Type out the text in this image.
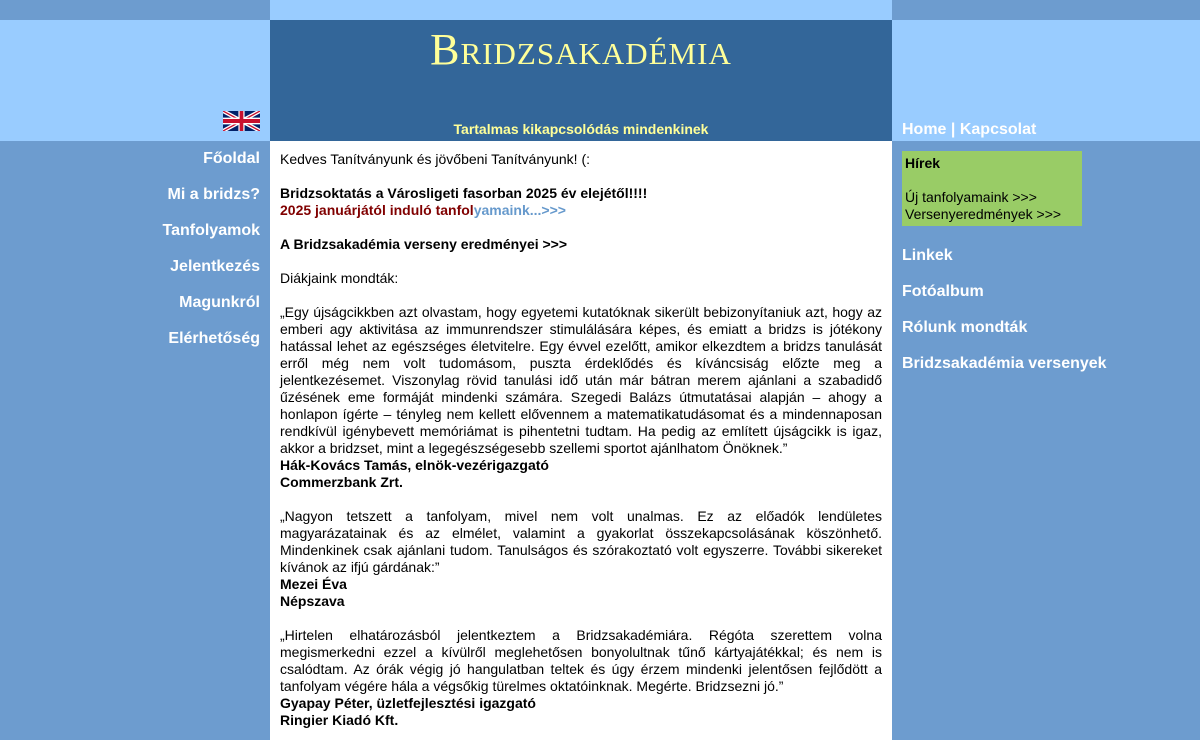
Bridzsakadémia
Tartalmas kikapcsolódás mindenkinek
Főoldal
Mi a bridzs?
Tanfolyamok
Jelentkezés
Magunkról
Elérhetőség

Kedves Tanítványunk és jövőbeni Tanítványunk! (:

Bridzsoktatás a Városligeti fasorban 2025 év elejétől!!!!
2025 januárjától induló tanfolyamaink...>>>

A Bridzsakadémia verseny eredményei >>>

Diákjaink mondták:

„Egy újságcikkben azt olvastam, hogy egyetemi kutatóknak sikerült bebizonyítaniuk azt, hogy az emberi agy aktivitása az immunrendszer stimulálására képes, és emiatt a bridzs is jótékony hatással lehet az egészséges életvitelre. Egy évvel ezelőtt, amikor elkezdtem a bridzs tanulását erről még nem volt tudomásom, puszta érdeklődés és kíváncsiság előzte meg a jelentkezésemet. Viszonylag rövid tanulási idő után már bátran merem ajánlani a szabadidő űzésének eme formáját mindenki számára. Szegedi Balázs útmutatásai alapján – ahogy a honlapon ígérte – tényleg nem kellett elővennem a matematikatudásomat és a mindennaposan rendkívül igénybevett memóriámat is pihentetni tudtam. Ha pedig az említett újságcikk is igaz, akkor a bridzset, mint a legegészségesebb szellemi sportot ajánlhatom Önöknek.”
Hák-Kovács Tamás, elnök-vezérigazgató
Commerzbank Zrt.
„Nagyon tetszett a tanfolyam, mivel nem volt unalmas. Ez az előadók lendületes magyarázatainak és az elmélet, valamint a gyakorlat összekapcsolásának köszönhető. Mindenkinek csak ajánlani tudom. Tanulságos és szórakoztató volt egyszerre. További sikereket kívánok az ifjú gárdának:”
Mezei Éva
Népszava
„Hirtelen elhatározásból jelentkeztem a Bridzsakadémiára. Régóta szerettem volna megismerkedni ezzel a kívülről meglehetősen bonyolultnak tűnő kártyajátékkal; és nem is csalódtam. Az órák végig jó hangulatban teltek és úgy érzem mindenki jelentősen fejlődött a tanfolyam végére hála a végsőkig türelmes oktatóinknak. Megérte. Bridzsezni jó.”
Gyapay Péter, üzletfejlesztési igazgató
Ringier Kiadó Kft.
Home | Kapcsolat
Hírek
Új tanfolyamaink >>>
Versenyeredmények >>>
Linkek
Fotóalbum
Rólunk mondták
Bridzsakadémia versenyek
